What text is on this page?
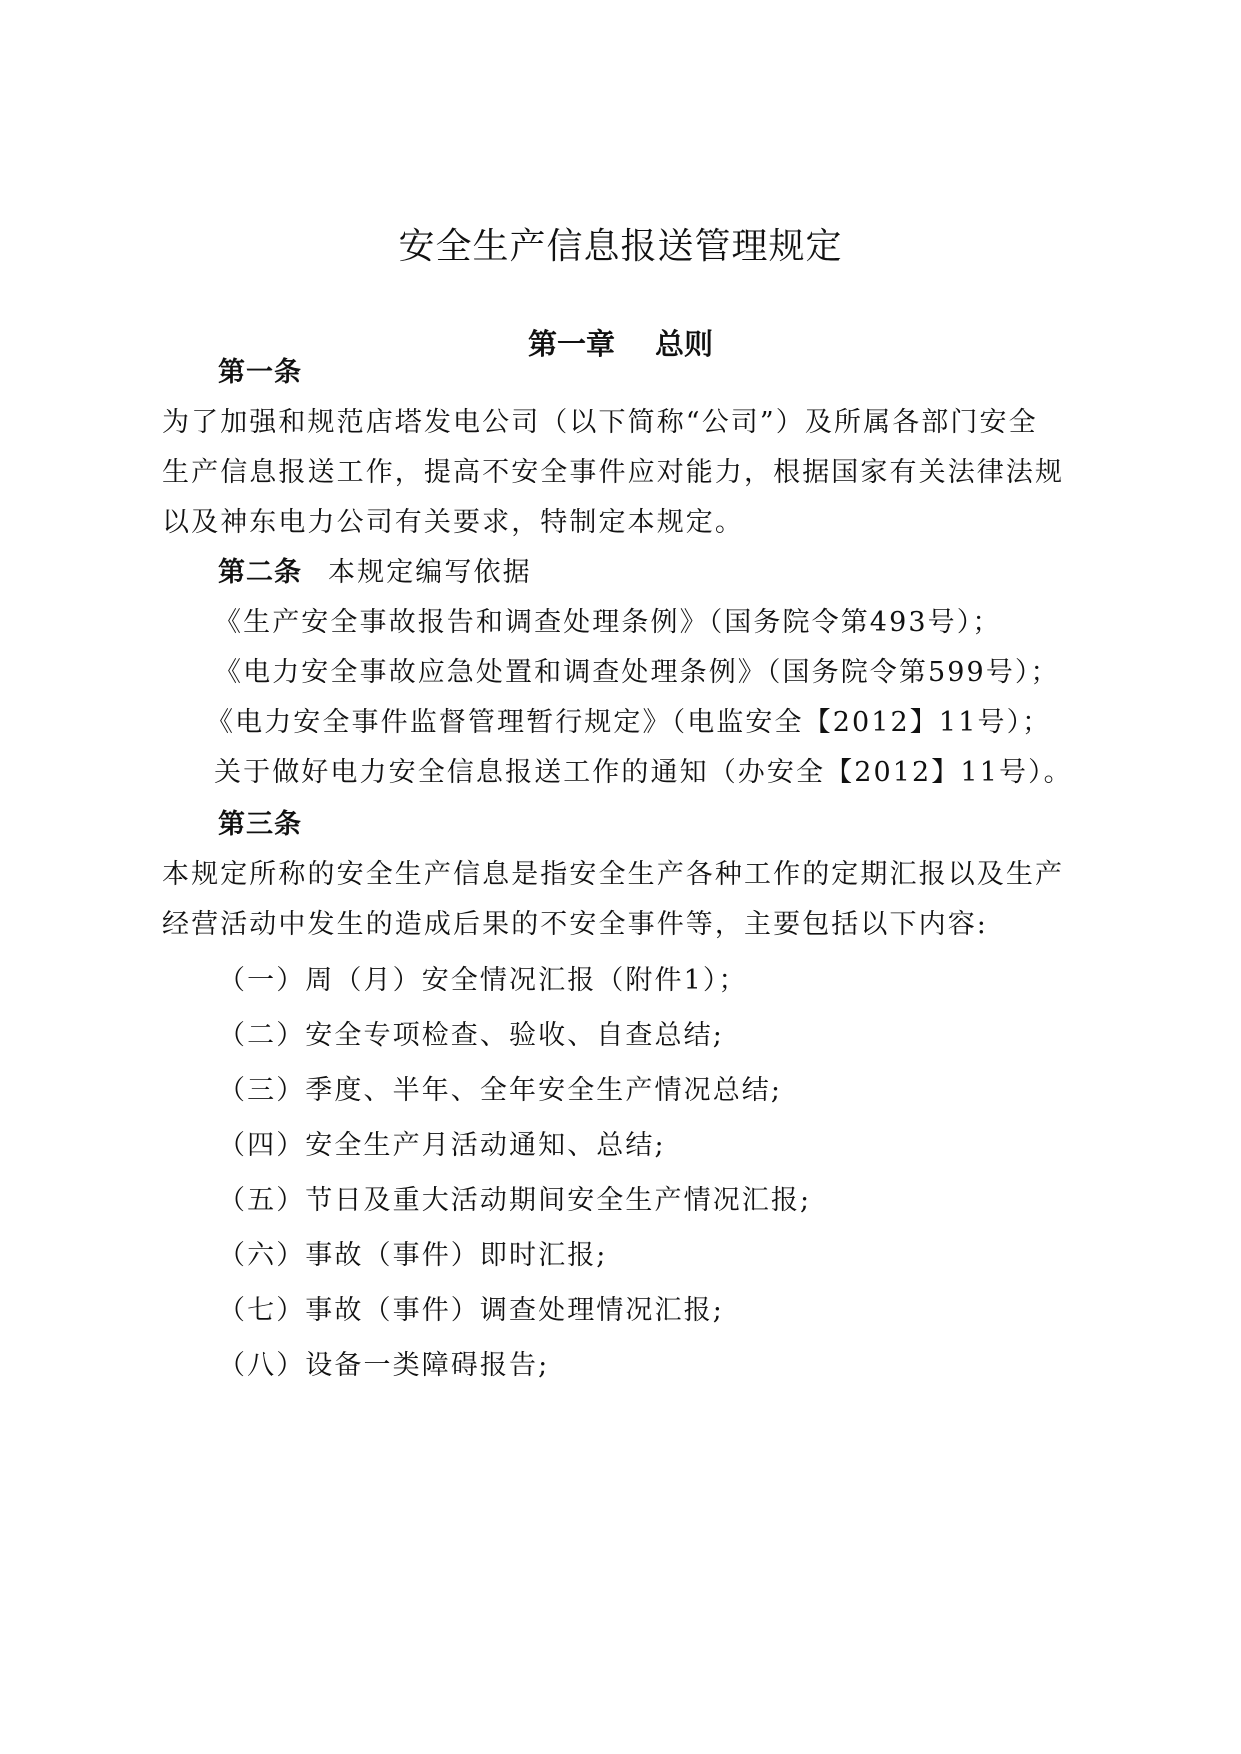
安全生产信息报送管理规定
第一章 总则
第一条
为了加强和规范店塔发电公司（以下简称“公司”）及所属各部门安全
生产信息报送工作，提高不安全事件应对能力，根据国家有关法律法规
以及神东电力公司有关要求，特制定本规定。
第二条 本规定编写依据
《生产安全事故报告和调查处理条例》（国务院令第493号）；
《电力安全事故应急处置和调查处理条例》（国务院令第599号）；
《电力安全事件监督管理暂行规定》（电监安全【2012】11号）；
关于做好电力安全信息报送工作的通知（办安全【2012】11号）。
第三条
本规定所称的安全生产信息是指安全生产各种工作的定期汇报以及生产
经营活动中发生的造成后果的不安全事件等，主要包括以下内容:
（一）周（月）安全情况汇报（附件1）；
（二）安全专项检查、验收、自查总结;
（三）季度、半年、全年安全生产情况总结;
（四）安全生产月活动通知、总结;
（五）节日及重大活动期间安全生产情况汇报;
（六）事故（事件）即时汇报;
（七）事故（事件）调查处理情况汇报;
（八）设备一类障碍报告;
